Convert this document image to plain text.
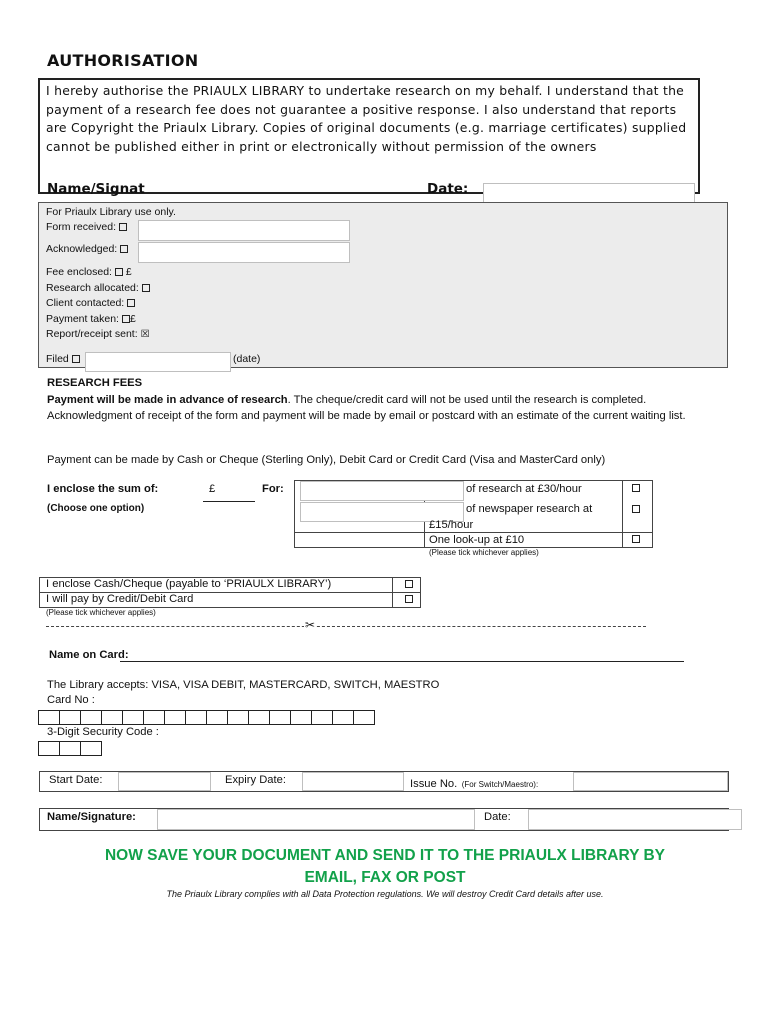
AUTHORISATION
I hereby authorise the PRIAULX LIBRARY to undertake research on my behalf. I understand that the payment of a research fee does not guarantee a positive response. I also understand that reports are Copyright the Priaulx Library. Copies of original documents (e.g. marriage certificates) supplied cannot be published either in print or electronically without permission of the owners
Name/Signat	Date:
For Priaulx Library use only.
Form received:
Acknowledged:
Fee enclosed: £
Research allocated:
Client contacted:
Payment taken: £
Report/receipt sent: ☒
Filed	(date)
RESEARCH FEES
Payment will be made in advance of research. The cheque/credit card will not be used until the research is completed. Acknowledgment of receipt of the form and payment will be made by email or postcard with an estimate of the current waiting list.
Payment can be made by Cash or Cheque (Sterling Only), Debit Card or Credit Card (Visa and MasterCard only)
I enclose the sum of:	£	For:
(Choose one option)
of research at £30/hour
of newspaper research at
£15/hour
One look-up at £10
(Please tick whichever applies)
I enclose Cash/Cheque (payable to ‘PRIAULX LIBRARY’)
I will pay by Credit/Debit Card
(Please tick whichever applies)
✂
Name on Card:
The Library accepts: VISA, VISA DEBIT, MASTERCARD, SWITCH, MAESTRO
Card No :
3-Digit Security Code :
Start Date:	Expiry Date:	Issue No. (For Switch/Maestro):
Name/Signature:	Date:
NOW SAVE YOUR DOCUMENT AND SEND IT TO THE PRIAULX LIBRARY BY
EMAIL, FAX OR POST
The Priaulx Library complies with all Data Protection regulations. We will destroy Credit Card details after use.
